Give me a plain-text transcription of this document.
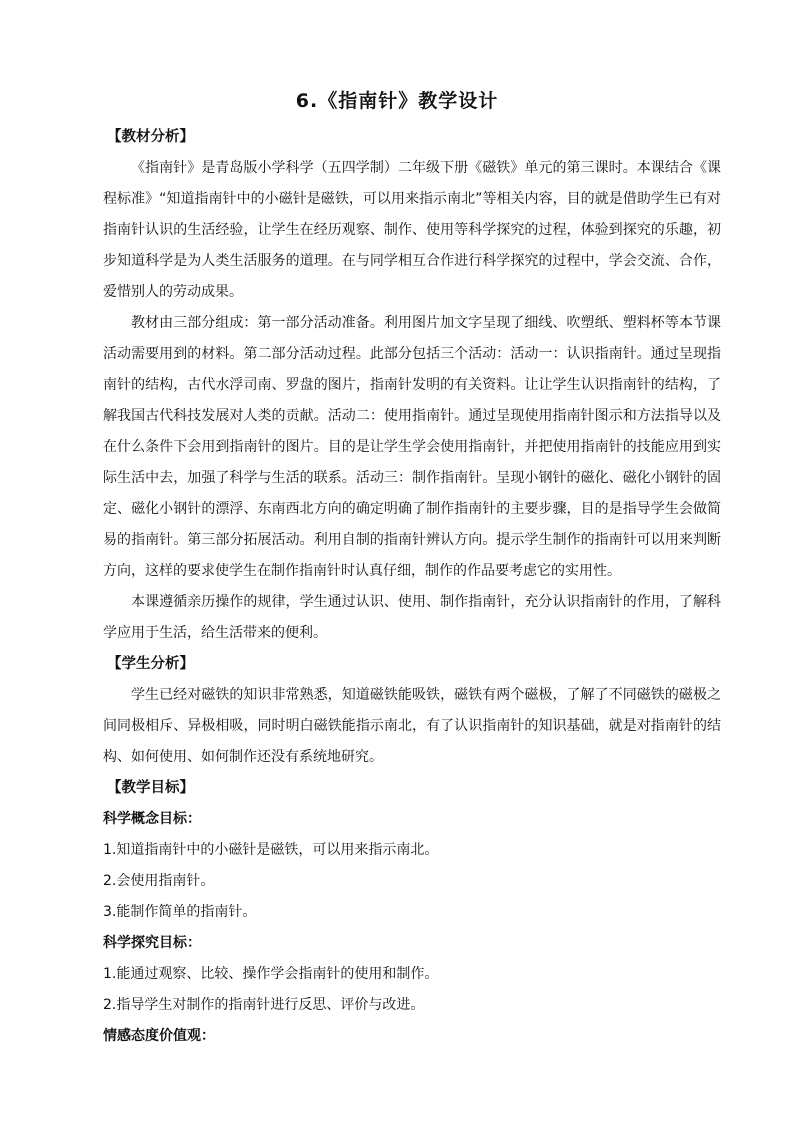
6.《指南针》教学设计
【教材分析】

《指南针》是青岛版小学科学（五四学制）二年级下册《磁铁》单元的第三课时。本课结合《课程标准》“知道指南针中的小磁针是磁铁，可以用来指示南北”等相关内容，目的就是借助学生已有对指南针认识的生活经验，让学生在经历观察、制作、使用等科学探究的过程，体验到探究的乐趣，初步知道科学是为人类生活服务的道理。在与同学相互合作进行科学探究的过程中，学会交流、合作，爱惜别人的劳动成果。

教材由三部分组成：第一部分活动准备。利用图片加文字呈现了细线、吹塑纸、塑料杯等本节课活动需要用到的材料。第二部分活动过程。此部分包括三个活动：活动一：认识指南针。通过呈现指南针的结构，古代水浮司南、罗盘的图片，指南针发明的有关资料。让让学生认识指南针的结构，了解我国古代科技发展对人类的贡献。活动二：使用指南针。通过呈现使用指南针图示和方法指导以及在什么条件下会用到指南针的图片。目的是让学生学会使用指南针，并把使用指南针的技能应用到实际生活中去，加强了科学与生活的联系。活动三：制作指南针。呈现小钢针的磁化、磁化小钢针的固定、磁化小钢针的漂浮、东南西北方向的确定明确了制作指南针的主要步骤，目的是指导学生会做简易的指南针。第三部分拓展活动。利用自制的指南针辨认方向。提示学生制作的指南针可以用来判断方向，这样的要求使学生在制作指南针时认真仔细，制作的作品要考虑它的实用性。

本课遵循亲历操作的规律，学生通过认识、使用、制作指南针，充分认识指南针的作用，了解科学应用于生活，给生活带来的便利。

【学生分析】

学生已经对磁铁的知识非常熟悉，知道磁铁能吸铁，磁铁有两个磁极，了解了不同磁铁的磁极之间同极相斥、异极相吸，同时明白磁铁能指示南北，有了认识指南针的知识基础，就是对指南针的结构、如何使用、如何制作还没有系统地研究。

【教学目标】
科学概念目标：
1.知道指南针中的小磁针是磁铁，可以用来指示南北。
2.会使用指南针。
3.能制作简单的指南针。
科学探究目标：
1.能通过观察、比较、操作学会指南针的使用和制作。
2.指导学生对制作的指南针进行反思、评价与改进。
情感态度价值观：
